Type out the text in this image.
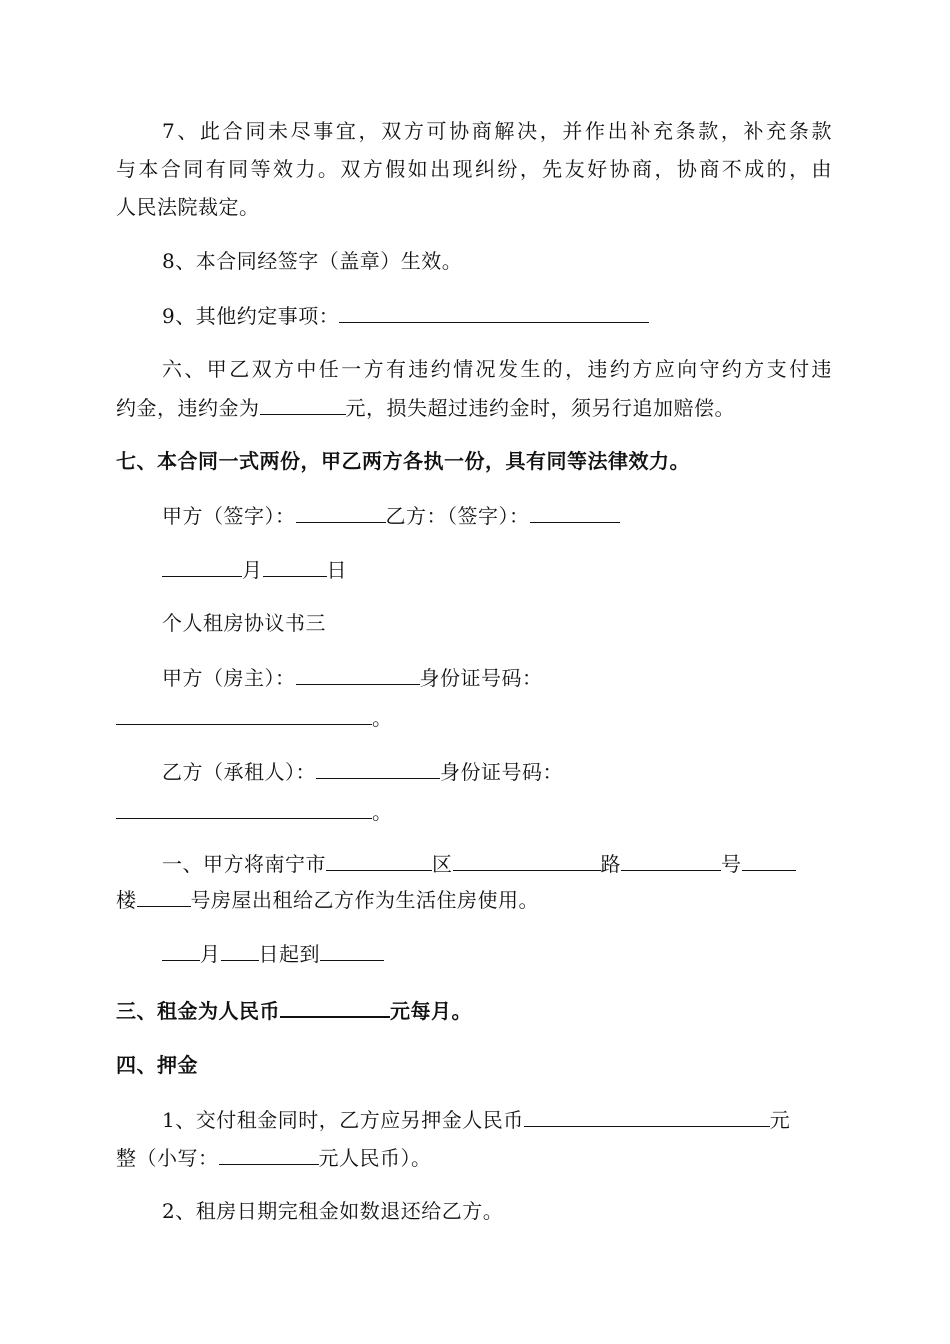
7、此合同未尽事宜，双方可协商解决，并作出补充条款，补充条款
与本合同有同等效力。双方假如出现纠纷，先友好协商，协商不成的，由
人民法院裁定。
8、本合同经签字（盖章）生效。
9、其他约定事项：
六、甲乙双方中任一方有违约情况发生的，违约方应向守约方支付违
约金，违约金为	元，损失超过违约金时，须另行追加赔偿。
七、本合同一式两份，甲乙两方各执一份，具有同等法律效力。
甲方（签字）：	乙方：（签字）：
月	日
个人租房协议书三
甲方（房主）：	身份证号码：
。
乙方（承租人）：	身份证号码：
。
一、甲方将南宁市	区	路	号
楼	号房屋出租给乙方作为生活住房使用。
月 日起到
三、租金为人民币	元每月。
四、押金
1、交付租金同时，乙方应另押金人民币	元
整（小写：	元人民币）。
2、租房日期完租金如数退还给乙方。
